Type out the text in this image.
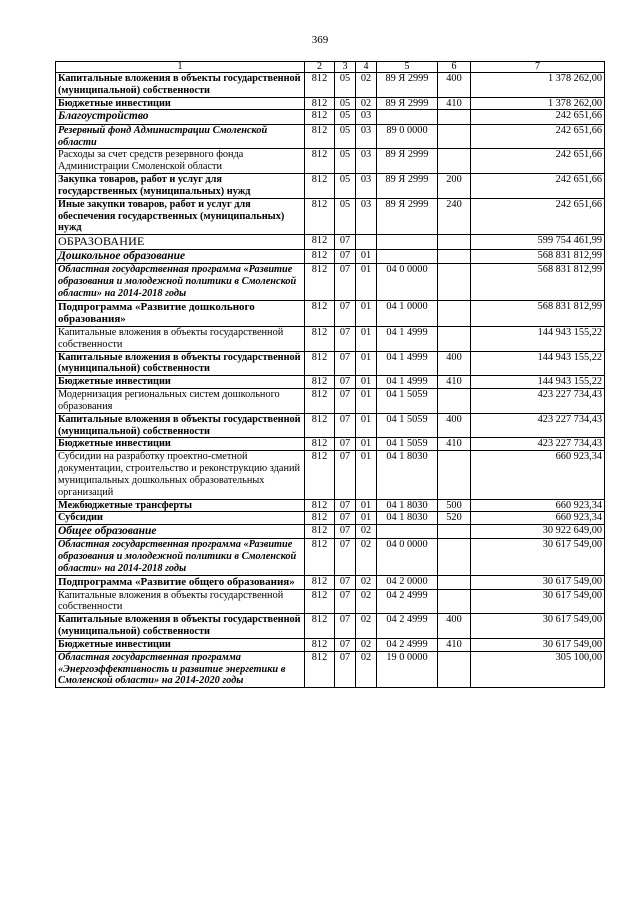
369
1	2	3	4	5	6	7
Капитальные вложения в объекты государственной (муниципальной) собственности	812	05	02	89 Я 2999	400	1 378 262,00
Бюджетные инвестиции	812	05	02	89 Я 2999	410	1 378 262,00
Благоустройство	812	05	03			242 651,66
Резервный фонд Администрации Смоленской области	812	05	03	89 0 0000		242 651,66
Расходы за счет средств резервного фонда Администрации Смоленской области	812	05	03	89 Я 2999		242 651,66
Закупка товаров, работ и услуг для государственных (муниципальных) нужд	812	05	03	89 Я 2999	200	242 651,66
Иные закупки товаров, работ и услуг для обеспечения государственных (муниципальных) нужд	812	05	03	89 Я 2999	240	242 651,66
ОБРАЗОВАНИЕ	812	07				599 754 461,99
Дошкольное образование	812	07	01			568 831 812,99
Областная государственная программа «Развитие образования и молодежной политики в Смоленской области» на 2014-2018 годы	812	07	01	04 0 0000		568 831 812,99
Подпрограмма «Развитие дошкольного образования»	812	07	01	04 1 0000		568 831 812,99
Капитальные вложения в объекты государственной собственности	812	07	01	04 1 4999		144 943 155,22
Капитальные вложения в объекты государственной (муниципальной) собственности	812	07	01	04 1 4999	400	144 943 155,22
Бюджетные инвестиции	812	07	01	04 1 4999	410	144 943 155,22
Модернизация региональных систем дошкольного образования	812	07	01	04 1 5059		423 227 734,43
Капитальные вложения в объекты государственной (муниципальной) собственности	812	07	01	04 1 5059	400	423 227 734,43
Бюджетные инвестиции	812	07	01	04 1 5059	410	423 227 734,43
Субсидии на разработку проектно-сметной документации, строительство и реконструкцию зданий муниципальных дошкольных образовательных организаций	812	07	01	04 1 8030		660 923,34
Межбюджетные трансферты	812	07	01	04 1 8030	500	660 923,34
Субсидии	812	07	01	04 1 8030	520	660 923,34
Общее образование	812	07	02			30 922 649,00
Областная государственная программа «Развитие образования и молодежной политики в Смоленской области» на 2014-2018 годы	812	07	02	04 0 0000		30 617 549,00
Подпрограмма «Развитие общего образования»	812	07	02	04 2 0000		30 617 549,00
Капитальные вложения в объекты государственной собственности	812	07	02	04 2 4999		30 617 549,00
Капитальные вложения в объекты государственной (муниципальной) собственности	812	07	02	04 2 4999	400	30 617 549,00
Бюджетные инвестиции	812	07	02	04 2 4999	410	30 617 549,00
Областная государственная программа «Энергоэффективность и развитие энергетики в Смоленской области» на 2014-2020 годы	812	07	02	19 0 0000		305 100,00
